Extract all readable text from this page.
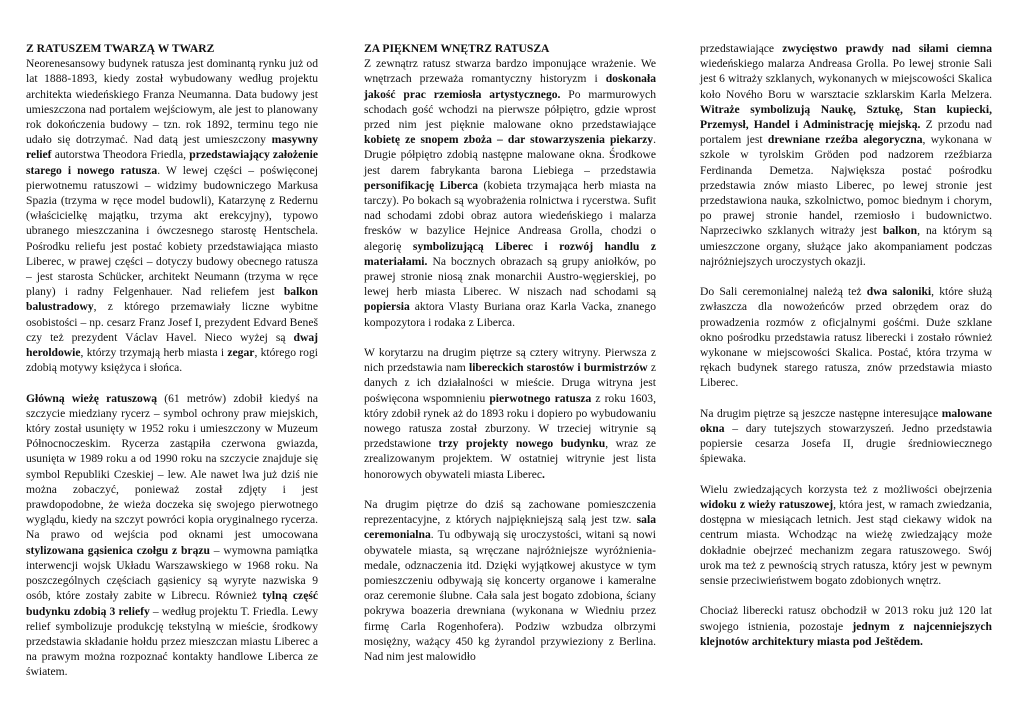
Z RATUSZEM TWARZĄ W TWARZ

Neorenesansowy budynek ratusza jest dominantą rynku już od lat 1888-1893, kiedy został wybudowany według projektu architekta wiedeńskiego Franza Neumanna. Data budowy jest umieszczona nad portalem wejściowym, ale jest to planowany rok dokończenia budowy – tzn. rok 1892, terminu tego nie udało się dotrzymać. Nad datą jest umieszczony masywny relief autorstwa Theodora Friedla, przedstawiający założenie starego i nowego ratusza. W lewej części – poświęconej pierwotnemu ratuszowi – widzimy budowniczego Markusa Spazia (trzyma w ręce model budowli), Katarzynę z Redernu (właścicielkę majątku, trzyma akt erekcyjny), typowo ubranego mieszczanina i ówczesnego starostę Hentschela. Pośrodku reliefu jest postać kobiety przedstawiająca miasto Liberec, w prawej części – dotyczy budowy obecnego ratusza – jest starosta Schücker, architekt Neumann (trzyma w ręce plany) i radny Felgenhauer. Nad reliefem jest balkon balustradowy, z którego przemawiały liczne wybitne osobistości – np. cesarz Franz Josef I, prezydent Edvard Beneš czy też prezydent Václav Havel. Nieco wyżej są dwaj heroldowie, którzy trzymają herb miasta i zegar, którego rogi zdobią motywy księżyca i słońca.

Główną wieżę ratuszową (61 metrów) zdobił kiedyś na szczycie miedziany rycerz – symbol ochrony praw miejskich, który został usunięty w 1952 roku i umieszczony w Muzeum Północnoczeskim. Rycerza zastąpiła czerwona gwiazda, usunięta w 1989 roku a od 1990 roku na szczycie znajduje się symbol Republiki Czeskiej – lew. Ale nawet lwa już dziś nie można zobaczyć, ponieważ został zdjęty i jest prawdopodobne, że wieża doczeka się swojego pierwotnego wyglądu, kiedy na szczyt powróci kopia oryginalnego rycerza. Na prawo od wejścia pod oknami jest umocowana stylizowana gąsienica czołgu z brązu – wymowna pamiątka interwencji wojsk Układu Warszawskiego w 1968 roku. Na poszczególnych częściach gąsienicy są wyryte nazwiska 9 osób, które zostały zabite w Librecu. Również tylną część budynku zdobią 3 reliefy – według projektu T. Friedla. Lewy relief symbolizuje produkcję tekstylną w mieście, środkowy przedstawia składanie hołdu przez mieszczan miastu Liberec a na prawym można rozpoznać kontakty handlowe Liberca ze światem.

ZA PIĘKNEM WNĘTRZ RATUSZA

Z zewnątrz ratusz stwarza bardzo imponujące wrażenie. We wnętrzach przeważa romantyczny historyzm i doskonała jakość prac rzemiosła artystycznego. Po marmurowych schodach gość wchodzi na pierwsze półpiętro, gdzie wprost przed nim jest pięknie malowane okno przedstawiające kobietę ze snopem zboża – dar stowarzyszenia piekarzy. Drugie półpiętro zdobią następne malowane okna. Środkowe jest darem fabrykanta barona Liebiega – przedstawia personifikację Liberca (kobieta trzymająca herb miasta na tarczy). Po bokach są wyobrażenia rolnictwa i rycerstwa. Sufit nad schodami zdobi obraz autora wiedeńskiego i malarza fresków w bazylice Hejnice Andreasa Grolla, chodzi o alegorię symbolizującą Liberec i rozwój handlu z materiałami. Na bocznych obrazach są grupy aniołków, po prawej stronie niosą znak monarchii Austro-węgierskiej, po lewej herb miasta Liberec. W niszach nad schodami są popiersia aktora Vlasty Buriana oraz Karla Vacka, znanego kompozytora i rodaka z Liberca.

W korytarzu na drugim piętrze są cztery witryny. Pierwsza z nich przedstawia nam libereckich starostów i burmistrzów z danych z ich działalności w mieście. Druga witryna jest poświęcona wspomnieniu pierwotnego ratusza z roku 1603, który zdobił rynek aż do 1893 roku i dopiero po wybudowaniu nowego ratusza został zburzony. W trzeciej witrynie są przedstawione trzy projekty nowego budynku, wraz ze zrealizowanym projektem. W ostatniej witrynie jest lista honorowych obywateli miasta Liberec.

Na drugim piętrze do dziś są zachowane pomieszczenia reprezentacyjne, z których najpiękniejszą salą jest tzw. sala ceremonialna. Tu odbywają się uroczystości, witani są nowi obywatele miasta, są wręczane najróżniejsze wyróżnienia-medale, odznaczenia itd. Dzięki wyjątkowej akustyce w tym pomieszczeniu odbywają się koncerty organowe i kameralne oraz ceremonie ślubne. Cała sala jest bogato zdobiona, ściany pokrywa boazeria drewniana (wykonana w Wiedniu przez firmę Carla Rogenhofera). Podziw wzbudza olbrzymi mosiężny, ważący 450 kg żyrandol przywieziony z Berlina. Nad nim jest malowidło

przedstawiające zwycięstwo prawdy nad siłami ciemna wiedeńskiego malarza Andreasa Grolla. Po lewej stronie Sali jest 6 witraży szklanych, wykonanych w miejscowości Skalica koło Nového Boru w warsztacie szklarskim Karla Melzera. Witraże symbolizują Naukę, Sztukę, Stan kupiecki, Przemysł, Handel i Administrację miejską. Z przodu nad portalem jest drewniane rzeźba alegoryczna, wykonana w szkole w tyrolskim Gröden pod nadzorem rzeźbiarza Ferdinanda Demetza. Największa postać pośrodku przedstawia znów miasto Liberec, po lewej stronie jest przedstawiona nauka, szkolnictwo, pomoc biednym i chorym, po prawej stronie handel, rzemiosło i budownictwo. Naprzeciwko szklanych witraży jest balkon, na którym są umieszczone organy, służące jako akompaniament podczas najróżniejszych uroczystych okazji.

Do Sali ceremonialnej należą też dwa saloniki, które służą zwłaszcza dla nowożeńców przed obrzędem oraz do prowadzenia rozmów z oficjalnymi gośćmi. Duże szklane okno pośrodku przedstawia ratusz liberecki i zostało również wykonane w miejscowości Skalica. Postać, która trzyma w rękach budynek starego ratusza, znów przedstawia miasto Liberec.

Na drugim piętrze są jeszcze następne interesujące malowane okna – dary tutejszych stowarzyszeń. Jedno przedstawia popiersie cesarza Josefa II, drugie średniowiecznego śpiewaka.

Wielu zwiedzających korzysta też z możliwości obejrzenia widoku z wieży ratuszowej, która jest, w ramach zwiedzania, dostępna w miesiącach letnich. Jest stąd ciekawy widok na centrum miasta. Wchodząc na wieżę zwiedzający może dokładnie obejrzeć mechanizm zegara ratuszowego. Swój urok ma też z pewnością strych ratusza, który jest w pewnym sensie przeciwieństwem bogato zdobionych wnętrz.

Chociaż liberecki ratusz obchodził w 2013 roku już 120 lat swojego istnienia, pozostaje jednym z najcenniejszych klejnotów architektury miasta pod Ještědem.
